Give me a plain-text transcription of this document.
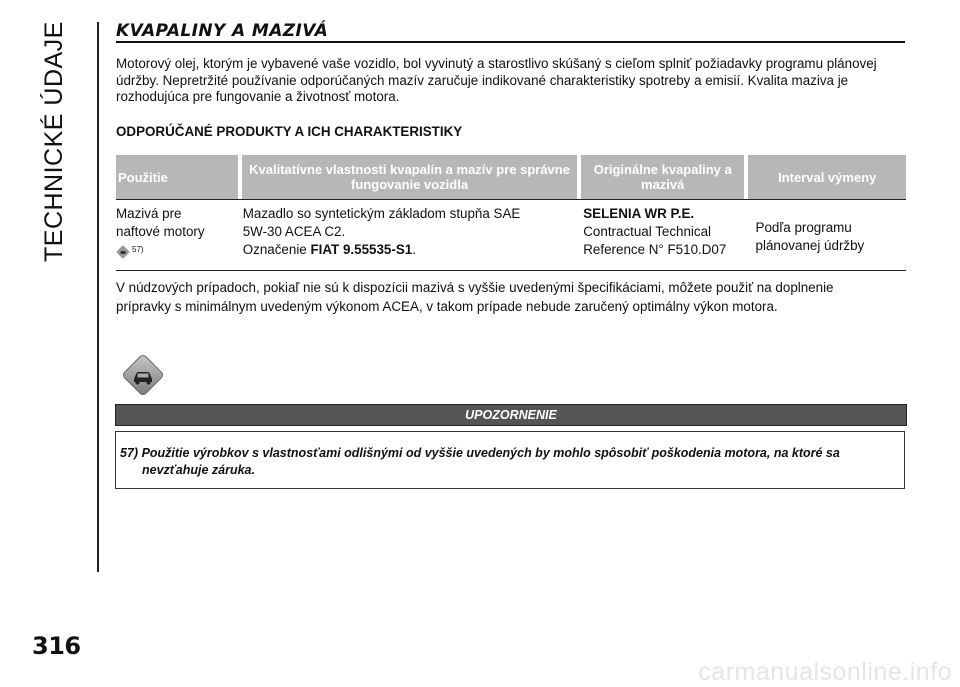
TECHNICKÉ ÚDAJE
316
KVAPALINY A MAZIVÁ
Motorový olej, ktorým je vybavené vaše vozidlo, bol vyvinutý a starostlivo skúšaný s cieľom splniť požiadavky programu plánovej údržby. Nepretržité používanie odporúčaných mazív zaručuje indikované charakteristiky spotreby a emisií. Kvalita maziva je rozhodujúca pre fungovanie a životnosť motora.
ODPORÚČANÉ PRODUKTY A ICH CHARAKTERISTIKY
Použitie	Kvalitatívne vlastnosti kvapalín a mazív pre správne fungovanie vozidla
Originálne kvapaliny a mazivá	Interval výmeny
Mazivá pre
naftové motory
57)
Mazadlo so syntetickým základom stupňa SAE
5W-30 ACEA C2.
Označenie FIAT 9.55535-S1.
SELENIA WR P.E.
Contractual Technical
Reference N° F510.D07
Podľa programu
plánovanej údržby
V núdzových prípadoch, pokiaľ nie sú k dispozícii mazivá s vyššie uvedenými špecifikáciami, môžete použiť na doplnenie
prípravky s minimálnym uvedeným výkonom ACEA, v takom prípade nebude zaručený optimálny výkon motora.
UPOZORNENIE
57) Použitie výrobkov s vlastnosťami odlišnými od vyššie uvedených by mohlo spôsobiť poškodenia motora, na ktoré sa
nevzťahuje záruka.
carmanualsonline.info
